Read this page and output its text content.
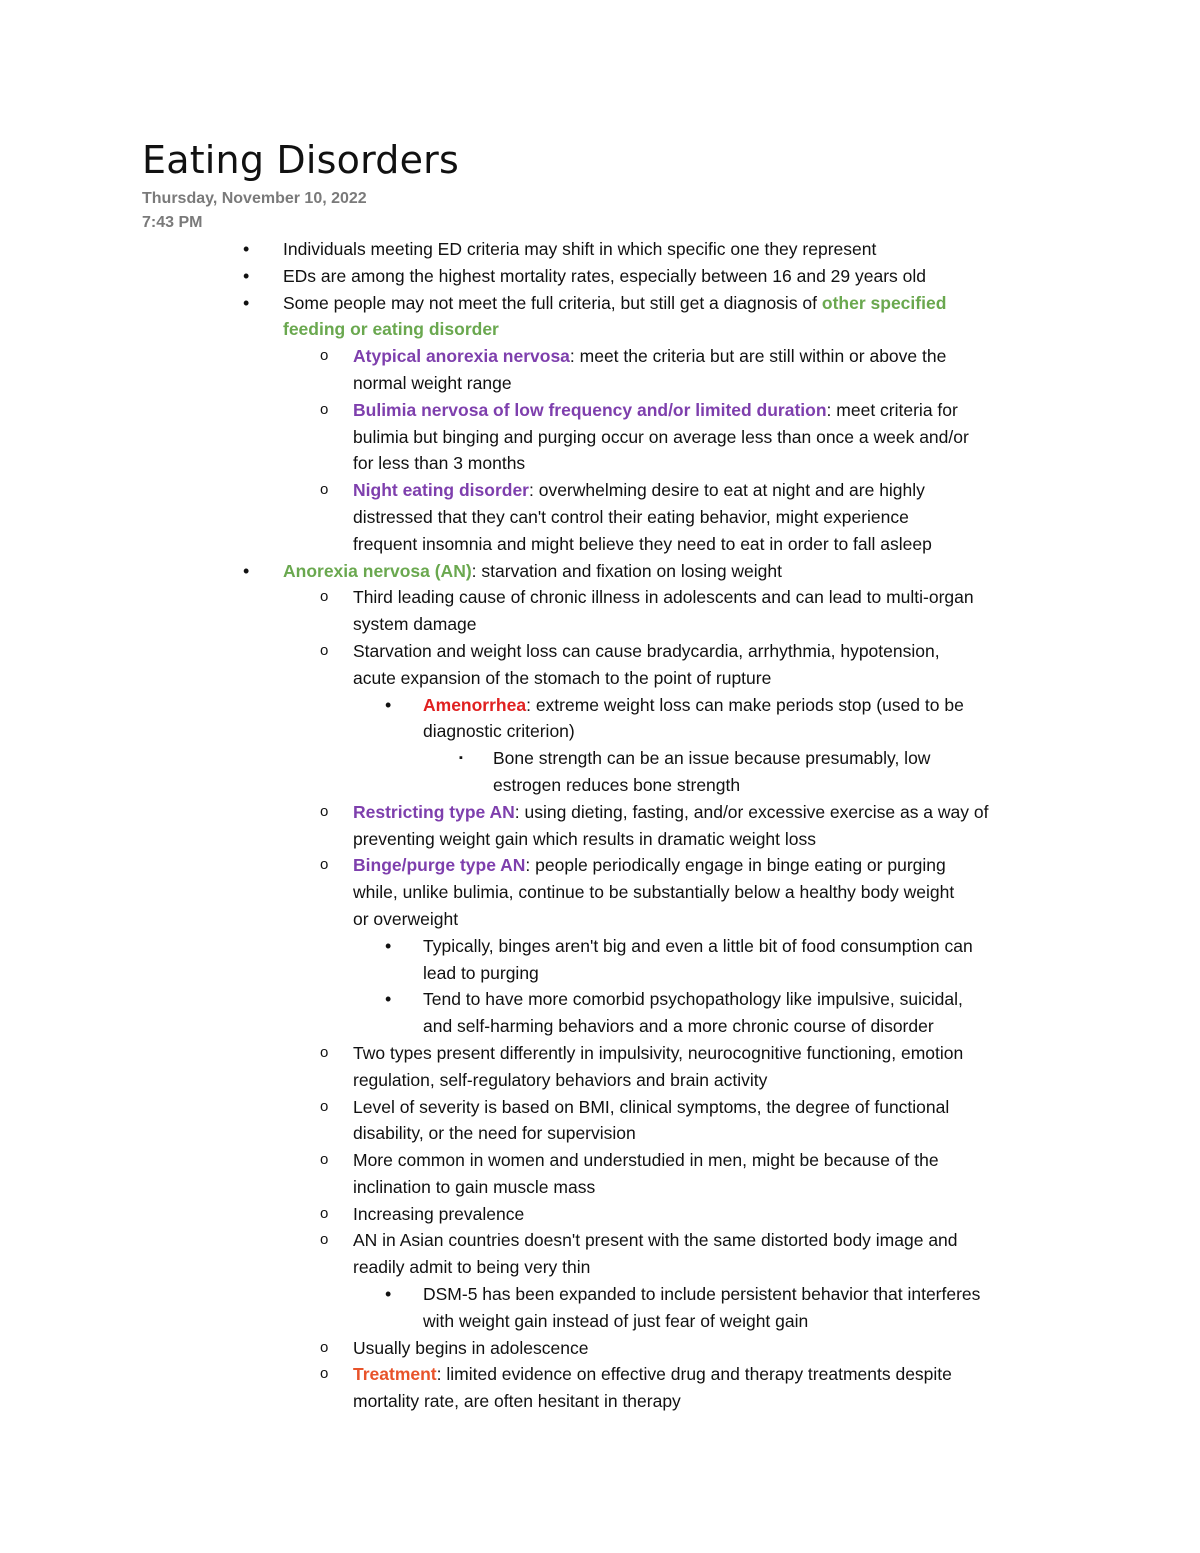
Eating Disorders
Thursday, November 10, 2022
7:43 PM
• Individuals meeting ED criteria may shift in which specific one they represent
• EDs are among the highest mortality rates, especially between 16 and 29 years old
• Some people may not meet the full criteria, but still get a diagnosis of other specified
feeding or eating disorder
o Atypical anorexia nervosa: meet the criteria but are still within or above the
normal weight range
o Bulimia nervosa of low frequency and/or limited duration: meet criteria for
bulimia but binging and purging occur on average less than once a week and/or
for less than 3 months
o Night eating disorder: overwhelming desire to eat at night and are highly
distressed that they can't control their eating behavior, might experience
frequent insomnia and might believe they need to eat in order to fall asleep
• Anorexia nervosa (AN): starvation and fixation on losing weight
o Third leading cause of chronic illness in adolescents and can lead to multi-organ
system damage
o Starvation and weight loss can cause bradycardia, arrhythmia, hypotension,
acute expansion of the stomach to the point of rupture
• Amenorrhea: extreme weight loss can make periods stop (used to be
diagnostic criterion)
▪ Bone strength can be an issue because presumably, low
estrogen reduces bone strength
o Restricting type AN: using dieting, fasting, and/or excessive exercise as a way of
preventing weight gain which results in dramatic weight loss
o Binge/purge type AN: people periodically engage in binge eating or purging
while, unlike bulimia, continue to be substantially below a healthy body weight
or overweight
• Typically, binges aren't big and even a little bit of food consumption can
lead to purging
• Tend to have more comorbid psychopathology like impulsive, suicidal,
and self-harming behaviors and a more chronic course of disorder
o Two types present differently in impulsivity, neurocognitive functioning, emotion
regulation, self-regulatory behaviors and brain activity
o Level of severity is based on BMI, clinical symptoms, the degree of functional
disability, or the need for supervision
o More common in women and understudied in men, might be because of the
inclination to gain muscle mass
o Increasing prevalence
o AN in Asian countries doesn't present with the same distorted body image and
readily admit to being very thin
• DSM-5 has been expanded to include persistent behavior that interferes
with weight gain instead of just fear of weight gain
o Usually begins in adolescence
o Treatment: limited evidence on effective drug and therapy treatments despite
mortality rate, are often hesitant in therapy
